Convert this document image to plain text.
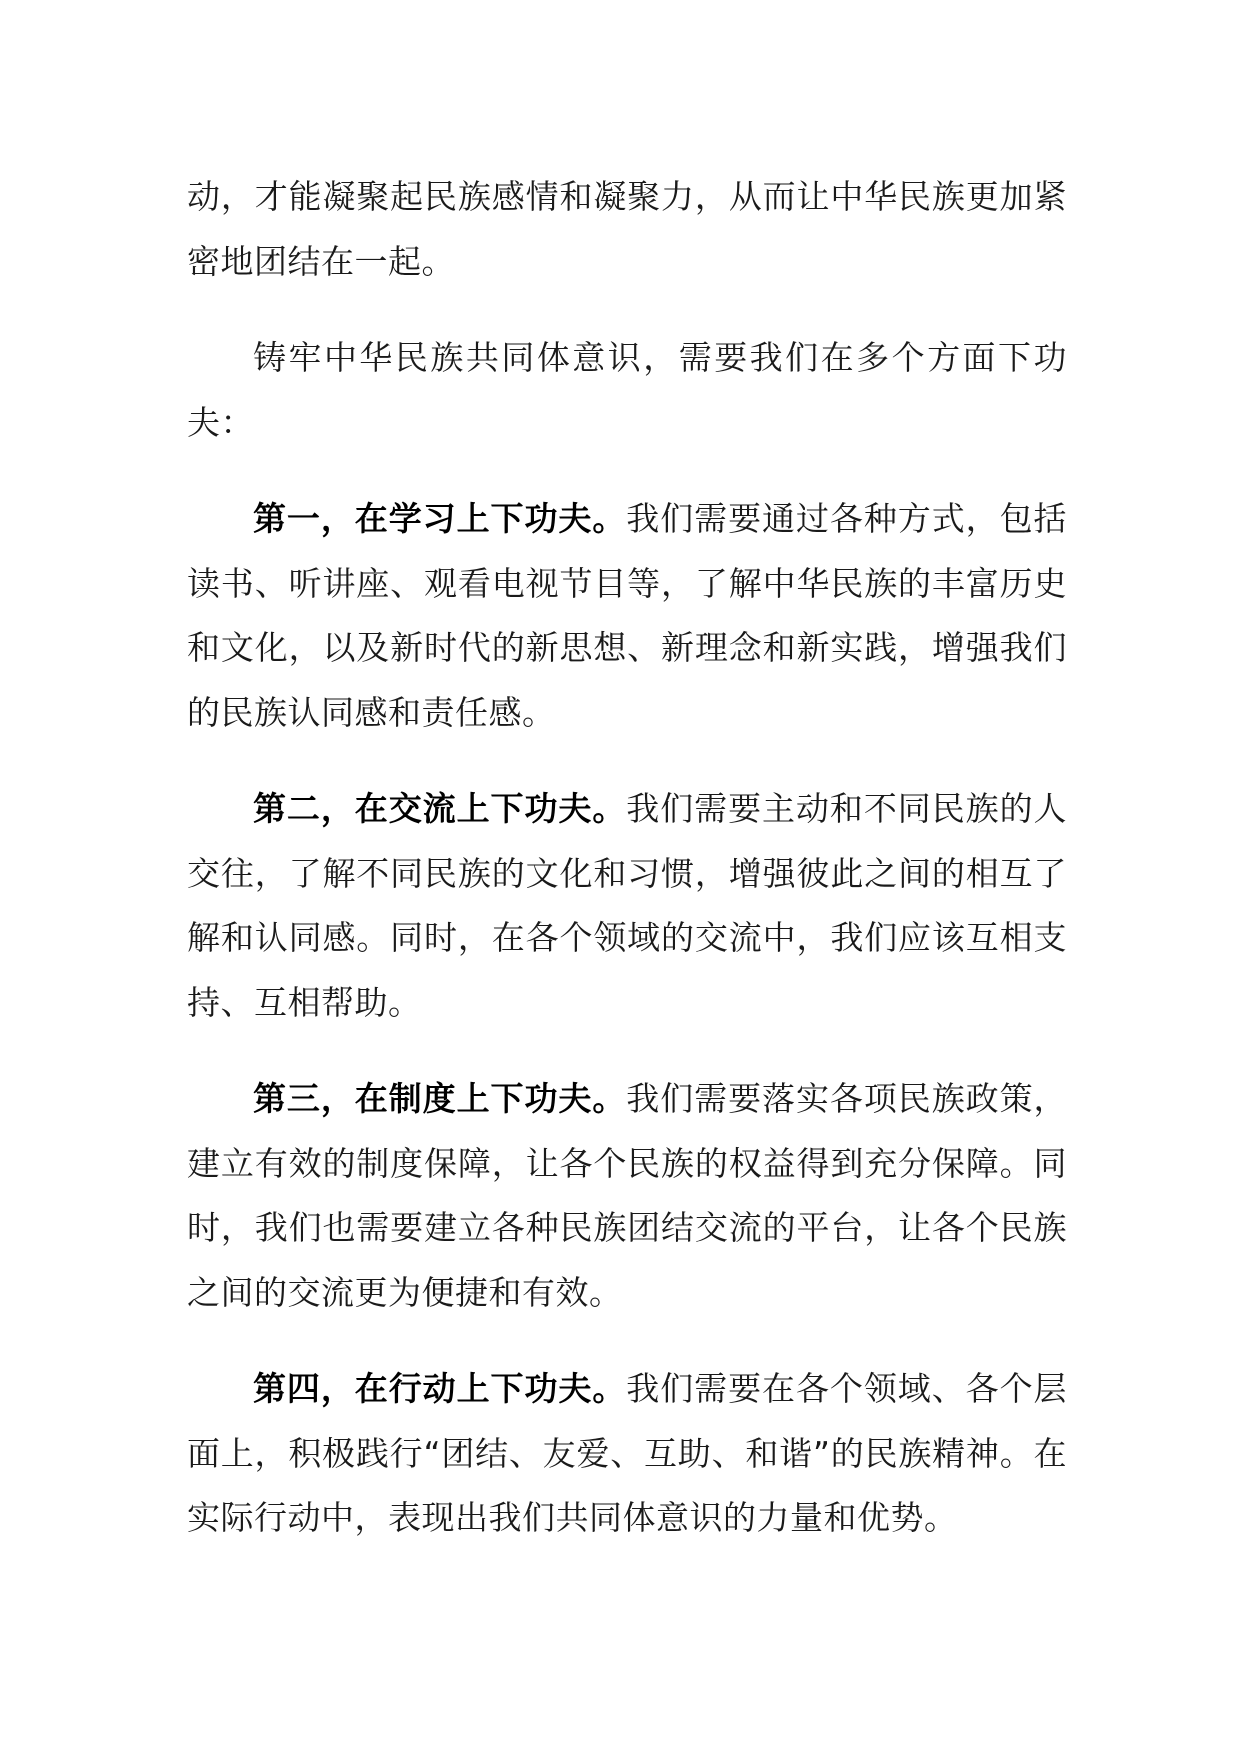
动，才能凝聚起民族感情和凝聚力，从而让中华民族更加紧密地团结在一起。

铸牢中华民族共同体意识，需要我们在多个方面下功夫：

第一，在学习上下功夫。我们需要通过各种方式，包括读书、听讲座、观看电视节目等，了解中华民族的丰富历史和文化，以及新时代的新思想、新理念和新实践，增强我们的民族认同感和责任感。

第二，在交流上下功夫。我们需要主动和不同民族的人交往，了解不同民族的文化和习惯，增强彼此之间的相互了解和认同感。同时，在各个领域的交流中，我们应该互相支持、互相帮助。

第三，在制度上下功夫。我们需要落实各项民族政策，建立有效的制度保障，让各个民族的权益得到充分保障。同时，我们也需要建立各种民族团结交流的平台，让各个民族之间的交流更为便捷和有效。

第四，在行动上下功夫。我们需要在各个领域、各个层面上，积极践行“团结、友爱、互助、和谐”的民族精神。在实际行动中，表现出我们共同体意识的力量和优势。
